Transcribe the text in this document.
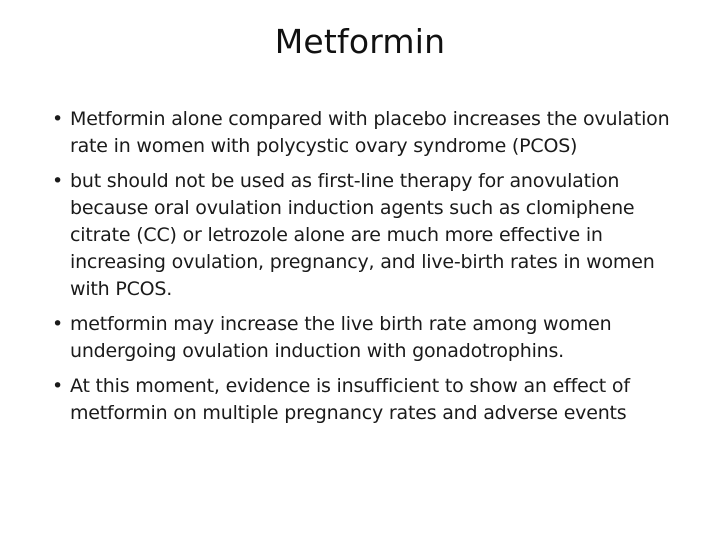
Metformin
• Metformin alone compared with placebo increases the ovulation rate in women with polycystic ovary syndrome (PCOS)
• but should not be used as first-line therapy for anovulation because oral ovulation induction agents such as clomiphene citrate (CC) or letrozole alone are much more effective in increasing ovulation, pregnancy, and live-birth rates in women with PCOS.
• metformin may increase the live birth rate among women undergoing ovulation induction with gonadotrophins.
• At this moment, evidence is insufficient to show an effect of metformin on multiple pregnancy rates and adverse events
